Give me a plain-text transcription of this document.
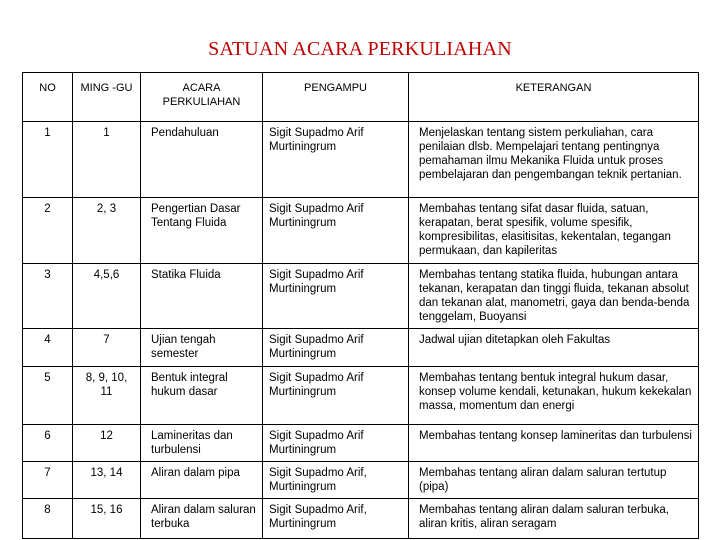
SATUAN ACARA PERKULIAHAN
NO	MING -GU	ACARA PERKULIAHAN	PENGAMPU	KETERANGAN
1	1	Pendahuluan	Sigit Supadmo Arif Murtiningrum	Menjelaskan tentang sistem perkuliahan, cara penilaian dlsb. Mempelajari tentang pentingnya pemahaman ilmu Mekanika Fluida untuk proses pembelajaran dan pengembangan teknik pertanian.
2	2, 3	Pengertian Dasar Tentang Fluida	Sigit Supadmo Arif Murtiningrum	Membahas tentang sifat dasar fluida, satuan, kerapatan, berat spesifik, volume spesifik, kompresibilitas, elasitisitas, kekentalan, tegangan permukaan, dan kapileritas
3	4,5,6	Statika Fluida	Sigit Supadmo Arif Murtiningrum	Membahas tentang statika fluida, hubungan antara tekanan, kerapatan dan tinggi fluida, tekanan absolut dan tekanan alat, manometri, gaya dan benda-benda tenggelam, Buoyansi
4	7	Ujian tengah semester	Sigit Supadmo Arif Murtiningrum	Jadwal ujian ditetapkan oleh Fakultas
5	8, 9, 10, 11	Bentuk integral hukum dasar	Sigit Supadmo Arif Murtiningrum	Membahas tentang bentuk integral hukum dasar, konsep volume kendali, ketunakan, hukum kekekalan massa, momentum dan energi
6	12	Lamineritas dan turbulensi	Sigit Supadmo Arif Murtiningrum	Membahas tentang konsep lamineritas dan turbulensi
7	13, 14	Aliran dalam pipa	Sigit Supadmo Arif, Murtiningrum	Membahas tentang aliran dalam saluran tertutup (pipa)
8	15, 16	Aliran dalam saluran terbuka	Sigit Supadmo Arif, Murtiningrum	Membahas tentang aliran dalam saluran terbuka, aliran kritis, aliran seragam
